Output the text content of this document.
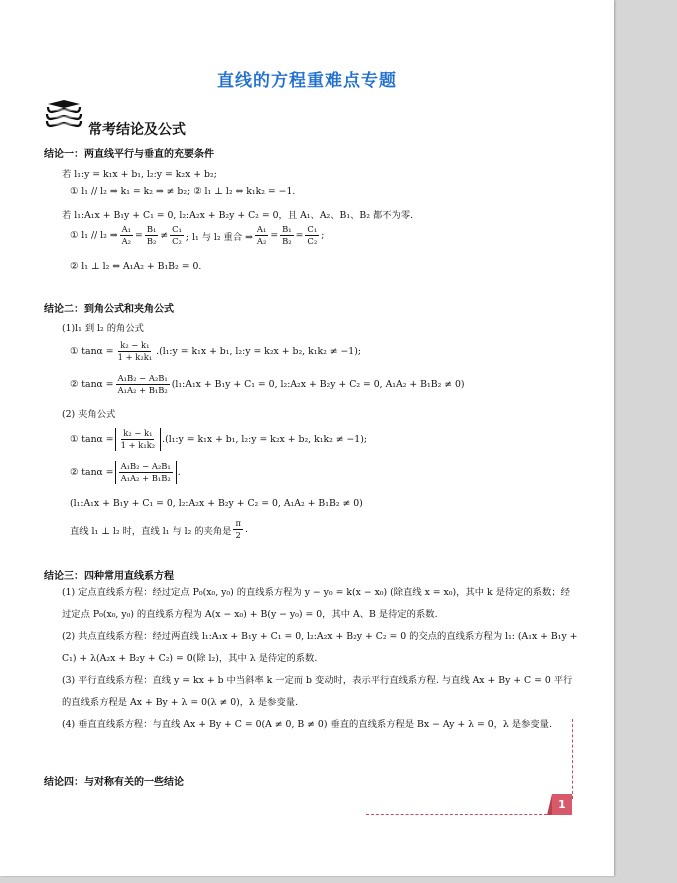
直线的方程重难点专题
常考结论及公式
结论一：两直线平行与垂直的充要条件
若 l₁:y = k₁x + b₁, l₂:y = k₂x + b₂;
① l₁ // l₂ ⇒ k₁ = k₂ ⇒ ≠ b₂; ② l₁ ⊥ l₂ ⇔ k₁k₂ = −1.
若 l₁:A₁x + B₁y + C₁ = 0, l₂:A₂x + B₂y + C₂ = 0，且 A₁、A₂、B₁、B₂ 都不为零.
① l₁ // l₂ ⇒ $\frac{\text{A₁}}{\text{A₂}} = \frac{\text{B₁}}{\text{B₂}} \ne \frac{\text{C₁}}{\text{C₂}}$ ; l₁ 与 l₂ 重合 ⇒ $\frac{\text{A₁}}{\text{A₂}} = \frac{\text{B₁}}{\text{B₂}} = \frac{\text{C₁}}{\text{C₂}}$ ;
② l₁ ⊥ l₂ ⇔ A₁A₂ + B₁B₂ = 0.
结论二：到角公式和夹角公式
(1)l₁ 到 l₂ 的角公式
① $\tan\alpha = \frac{\text{k₂ − k₁}}{\text{1 + k₂k₁}}$ .(l₁:y = k₁x + b₁, l₂:y = k₂x + b₂, k₁k₂ ≠ −1);
② $\tan\alpha = \frac{\text{A₁B₂ − A₂B₁}}{\text{A₁A₂ + B₁B₂}}$ (l₁:A₁x + B₁y + C₁ = 0, l₂:A₂x + B₂y + C₂ = 0, A₁A₂ + B₁B₂ ≠ 0)
(2) 夹角公式
① $\tan\alpha = \frac{\text{k₂ − k₁}}{\text{1 + k₁k₂}}$ .(l₁:y = k₁x + b₁, l₂:y = k₂x + b₂, k₁k₂ ≠ −1);
② $\tan\alpha = \frac{\text{A₁B₂ − A₂B₁}}{\text{A₁A₂ + B₁B₂}}$ .
(l₁:A₁x + B₁y + C₁ = 0, l₂:A₂x + B₂y + C₂ = 0, A₁A₂ + B₁B₂ ≠ 0)
直线 l₁ ⊥ l₂ 时，直线 l₁ 与 l₂ 的夹角是 $\frac{\pi}{2}$ .
结论三：四种常用直线系方程
(1) 定点直线系方程：经过定点 P₀(x₀, y₀) 的直线系方程为 y − y₀ = k(x − x₀) (除直线 x = x₀)，其中 k 是待定的系数；经过定点 P₀(x₀, y₀) 的直线系方程为 A(x − x₀) + B(y − y₀) = 0，其中 A、B 是待定的系数.
(2) 共点直线系方程：经过两直线 l₁:A₁x + B₁y + C₁ = 0, l₂:A₂x + B₂y + C₂ = 0 的交点的直线系方程为 l₁: (A₁x + B₁y + C₁) + λ(A₂x + B₂y + C₂) = 0(除 l₂)，其中 λ 是待定的系数.
(3) 平行直线系方程：直线 y = kx + b 中当斜率 k 一定而 b 变动时，表示平行直线系方程. 与直线 Ax + By + C = 0 平行的直线系方程是 Ax + By + λ = 0(λ ≠ 0)，λ 是参变量.
(4) 垂直直线系方程：与直线 Ax + By + C = 0(A ≠ 0, B ≠ 0) 垂直的直线系方程是 Bx − Ay + λ = 0，λ 是参变量.
结论四：与对称有关的一些结论
1
